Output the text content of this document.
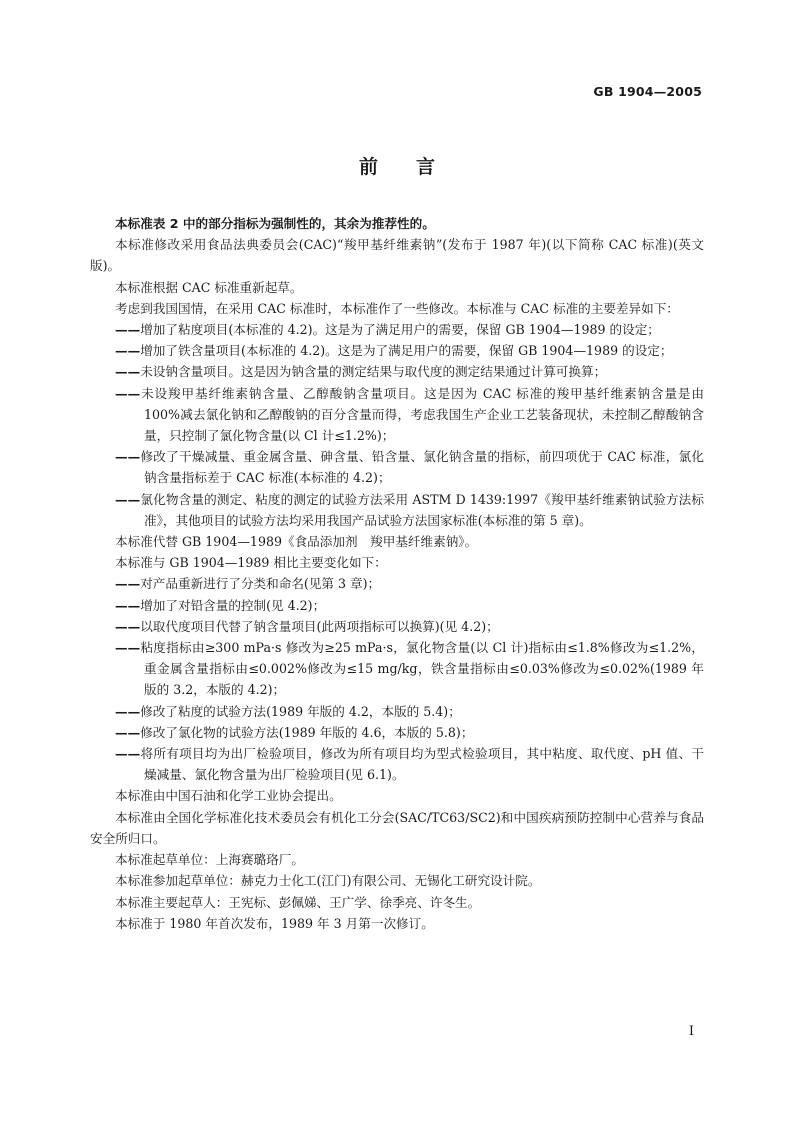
GB 1904—2005
前言

本标准表 2 中的部分指标为强制性的，其余为推荐性的。

本标准修改采用食品法典委员会(CAC)“羧甲基纤维素钠”(发布于 1987 年)(以下简称 CAC 标准)(英文版)。

本标准根据 CAC 标准重新起草。

考虑到我国国情，在采用 CAC 标准时，本标准作了一些修改。本标准与 CAC 标准的主要差异如下：

——增加了粘度项目(本标准的 4.2)。这是为了满足用户的需要，保留 GB 1904—1989 的设定；

——增加了铁含量项目(本标准的 4.2)。这是为了满足用户的需要，保留 GB 1904—1989 的设定；

——未设钠含量项目。这是因为钠含量的测定结果与取代度的测定结果通过计算可换算；

——未设羧甲基纤维素钠含量、乙醇酸钠含量项目。这是因为 CAC 标准的羧甲基纤维素钠含量是由 100%减去氯化钠和乙醇酸钠的百分含量而得，考虑我国生产企业工艺装备现状，未控制乙醇酸钠含量，只控制了氯化物含量(以 Cl 计≤1.2%)；

——修改了干燥减量、重金属含量、砷含量、铅含量、氯化钠含量的指标，前四项优于 CAC 标准，氯化钠含量指标差于 CAC 标准(本标准的 4.2)；

——氯化物含量的测定、粘度的测定的试验方法采用 ASTM D 1439:1997《羧甲基纤维素钠试验方法标准》，其他项目的试验方法均采用我国产品试验方法国家标准(本标准的第 5 章)。

本标准代替 GB 1904—1989《食品添加剂　羧甲基纤维素钠》。

本标准与 GB 1904—1989 相比主要变化如下：

——对产品重新进行了分类和命名(见第 3 章)；

——增加了对铅含量的控制(见 4.2)；

——以取代度项目代替了钠含量项目(此两项指标可以换算)(见 4.2)；

——粘度指标由≥300 mPa·s 修改为≥25 mPa·s，氯化物含量(以 Cl 计)指标由≤1.8%修改为≤1.2%，重金属含量指标由≤0.002%修改为≤15 mg/kg，铁含量指标由≤0.03%修改为≤0.02%(1989 年版的 3.2，本版的 4.2)；

——修改了粘度的试验方法(1989 年版的 4.2，本版的 5.4)；

——修改了氯化物的试验方法(1989 年版的 4.6，本版的 5.8)；

——将所有项目均为出厂检验项目，修改为所有项目均为型式检验项目，其中粘度、取代度、pH 值、干燥减量、氯化物含量为出厂检验项目(见 6.1)。

本标准由中国石油和化学工业协会提出。

本标准由全国化学标准化技术委员会有机化工分会(SAC/TC63/SC2)和中国疾病预防控制中心营养与食品安全所归口。

本标准起草单位：上海赛璐珞厂。

本标准参加起草单位：赫克力士化工(江门)有限公司、无锡化工研究设计院。

本标准主要起草人：王宪标、彭佩娣、王广学、徐季亮、许冬生。

本标准于 1980 年首次发布，1989 年 3 月第一次修订。

I
